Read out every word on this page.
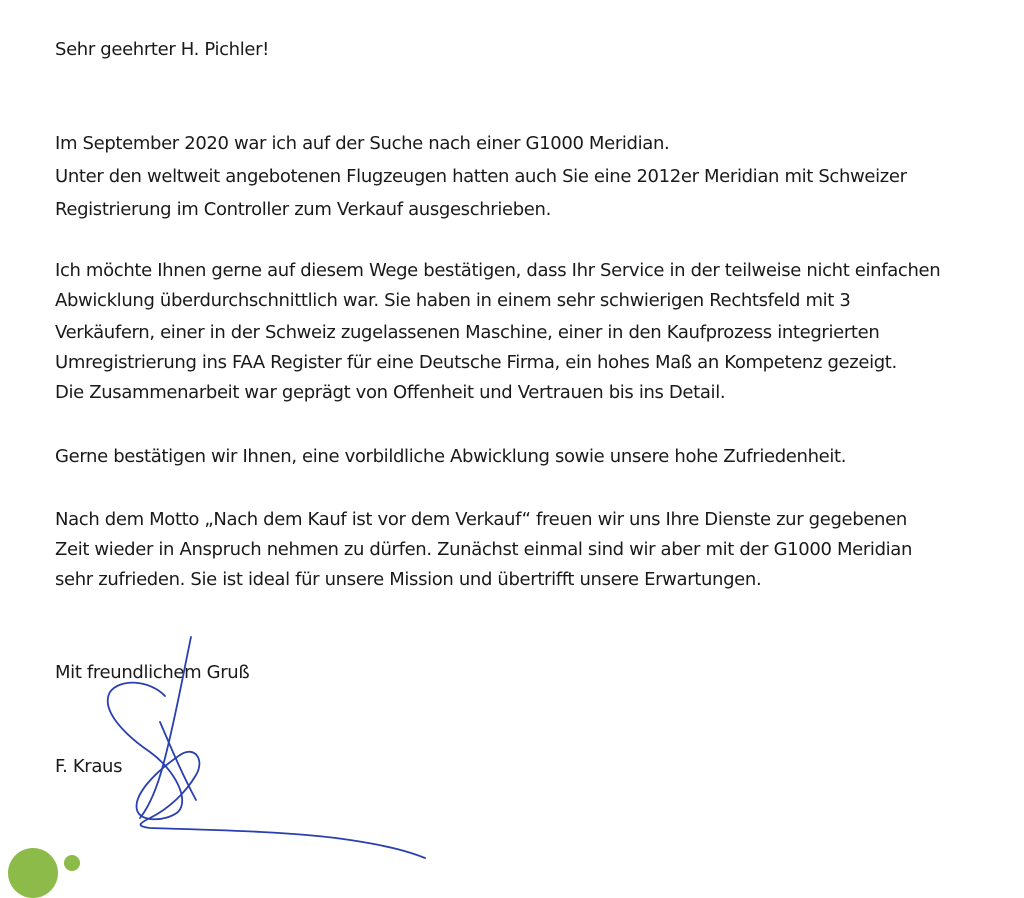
Sehr geehrter H. Pichler!
Im September 2020 war ich auf der Suche nach einer G1000 Meridian.
Unter den weltweit angebotenen Flugzeugen hatten auch Sie eine 2012er Meridian mit Schweizer
Registrierung im Controller zum Verkauf ausgeschrieben.
Ich möchte Ihnen gerne auf diesem Wege bestätigen, dass Ihr Service in der teilweise nicht einfachen
Abwicklung überdurchschnittlich war. Sie haben in einem sehr schwierigen Rechtsfeld mit 3
Verkäufern, einer in der Schweiz zugelassenen Maschine, einer in den Kaufprozess integrierten
Umregistrierung ins FAA Register für eine Deutsche Firma, ein hohes Maß an Kompetenz gezeigt.
Die Zusammenarbeit war geprägt von Offenheit und Vertrauen bis ins Detail.
Gerne bestätigen wir Ihnen, eine vorbildliche Abwicklung sowie unsere hohe Zufriedenheit.
Nach dem Motto „Nach dem Kauf ist vor dem Verkauf“ freuen wir uns Ihre Dienste zur gegebenen
Zeit wieder in Anspruch nehmen zu dürfen. Zunächst einmal sind wir aber mit der G1000 Meridian
sehr zufrieden. Sie ist ideal für unsere Mission und übertrifft unsere Erwartungen.
Mit freundlichem Gruß
F. Kraus
